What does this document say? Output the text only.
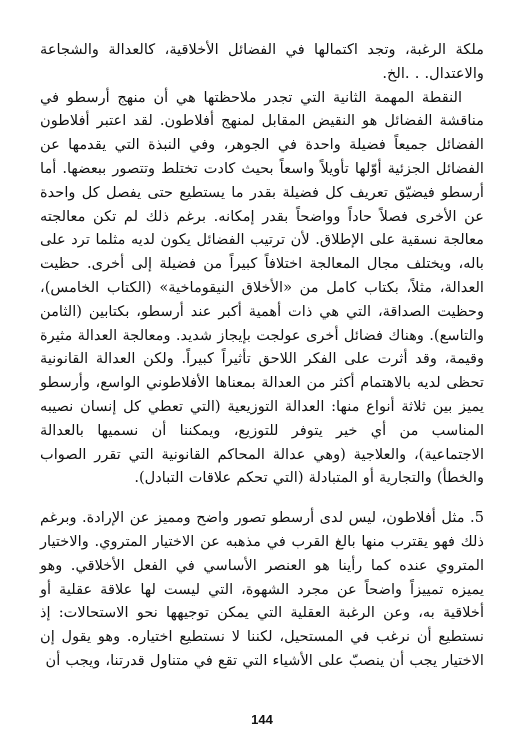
ملكة الرغبة، وتجد اكتمالها في الفضائل الأخلاقية، كالعدالة والشجاعة والاعتدال. . .الخ.

النقطة المهمة الثانية التي تجدر ملاحظتها هي أن منهج أرسطو في مناقشة الفضائل هو النقيض المقابل لمنهج أفلاطون. لقد اعتبر أفلاطون الفضائل جميعاً فضيلة واحدة في الجوهر، وفي النبذة التي يقدمها عن الفضائل الجزئية أوّلها تأويلاً واسعاً بحيث كادت تختلط وتتصور ببعضها. أما أرسطو فيضيّق تعريف كل فضيلة بقدر ما يستطيع حتى يفصل كل واحدة عن الأخرى فصلاً حاداً وواضحاً بقدر إمكانه. برغم ذلك لم تكن معالجته معالجة نسقية على الإطلاق. لأن ترتيب الفضائل يكون لديه مثلما ترد على باله، ويختلف مجال المعالجة اختلافاً كبيراً من فضيلة إلى أخرى. حظيت العدالة، مثلاً، بكتاب كامل من «الأخلاق النيقوماخية» (الكتاب الخامس)، وحظيت الصداقة، التي هي ذات أهمية أكبر عند أرسطو، بكتابين (الثامن والتاسع). وهناك فضائل أخرى عولجت بإيجاز شديد. ومعالجة العدالة مثيرة وقيمة، وقد أثرت على الفكر اللاحق تأثيراً كبيراً. ولكن العدالة القانونية تحظى لديه بالاهتمام أكثر من العدالة بمعناها الأفلاطوني الواسع، وأرسطو يميز بين ثلاثة أنواع منها: العدالة التوزيعية (التي تعطي كل إنسان نصيبه المناسب من أي خير يتوفر للتوزيع، ويمكننا أن نسميها بالعدالة الاجتماعية)، والعلاجية (وهي عدالة المحاكم القانونية التي تقرر الصواب والخطأ) والتجارية أو المتبادلة (التي تحكم علاقات التبادل).

5. مثل أفلاطون، ليس لدى أرسطو تصور واضح ومميز عن الإرادة. وبرغم ذلك فهو يقترب منها بالغ القرب في مذهبه عن الاختيار المتروي. والاختيار المتروي عنده كما رأينا هو العنصر الأساسي في الفعل الأخلاقي. وهو يميزه تمييزاً واضحاً عن مجرد الشهوة، التي ليست لها علاقة عقلية أو أخلاقية به، وعن الرغبة العقلية التي يمكن توجيهها نحو الاستحالات: إذ نستطيع أن نرغب في المستحيل، لكننا لا نستطيع اختياره. وهو يقول إن الاختيار يجب أن ينصبّ على الأشياء التي تقع في متناول قدرتنا، ويجب أن

144
